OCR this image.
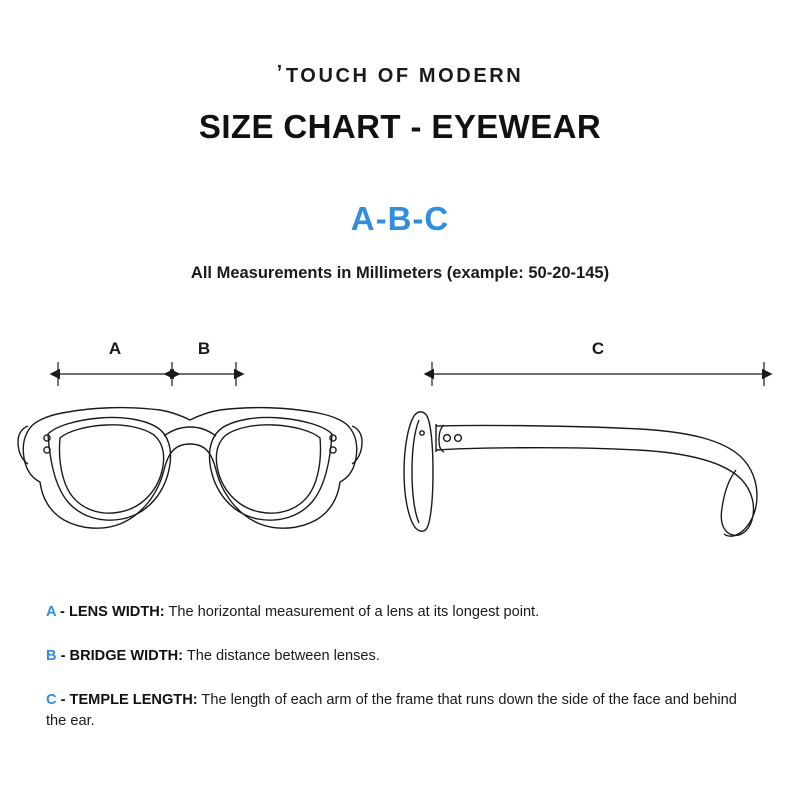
ʼTOUCH OF MODERN
SIZE CHART - EYEWEAR
A-B-C
All Measurements in Millimeters (example: 50-20-145)
A	B	C
A - LENS WIDTH: The horizontal measurement of a lens at its longest point.
B - BRIDGE WIDTH: The distance between lenses.
C - TEMPLE LENGTH: The length of each arm of the frame that runs down the side of the face and behind the ear.
